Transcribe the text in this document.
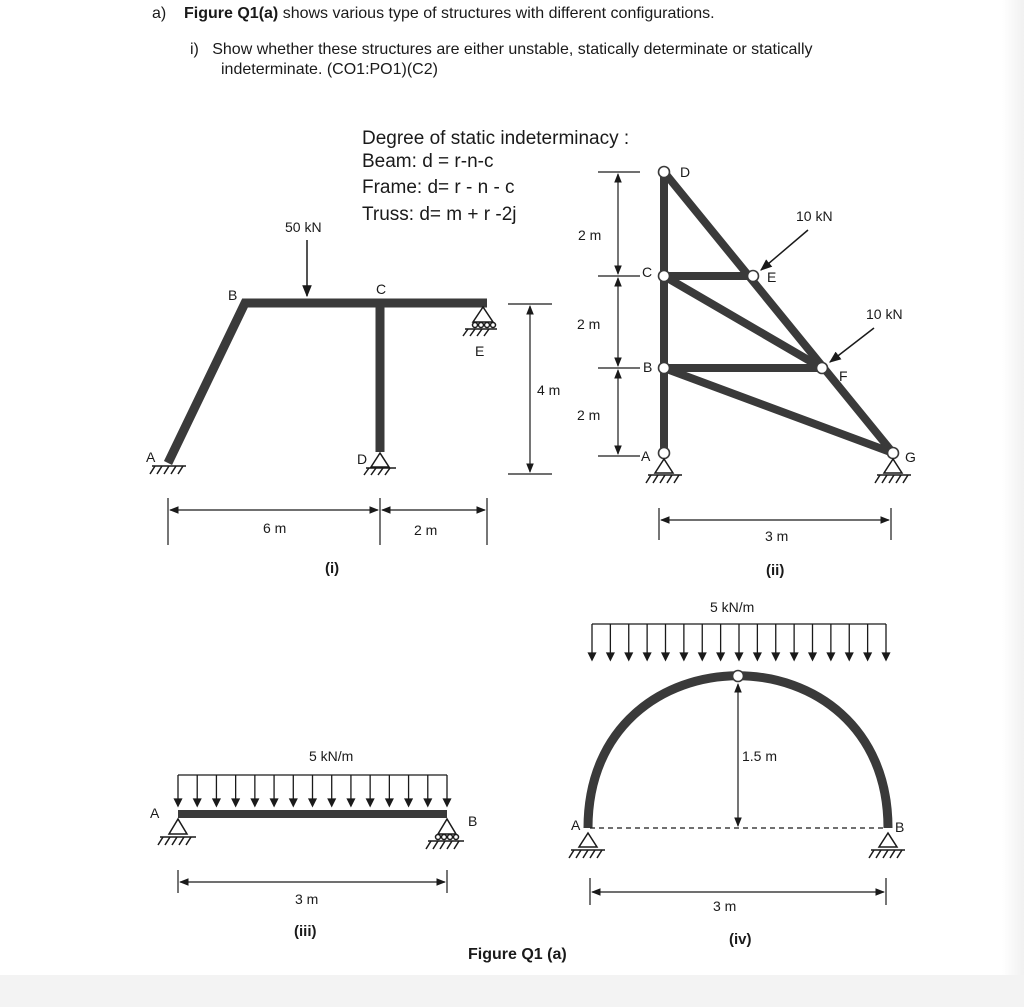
a) Figure Q1(a) shows various type of structures with different configurations.
i) Show whether these structures are either unstable, statically determinate or statically
indeterminate. (CO1:PO1)(C2)
Degree of static indeterminacy :
Beam: d = r-n-c
Frame: d= r - n - c
Truss: d= m + r -2j
50 kN
A
B	C
D
E
6 m	2 m
4 m
(i)
D
C
B
A
E
F
G
10 kN
10 kN
2 m
2 m
2 m
3 m
(ii)
5 kN/m
A	B
3 m
(iii)
5 kN/m
A	B
1.5 m
3 m
(iv)
Figure Q1 (a)
